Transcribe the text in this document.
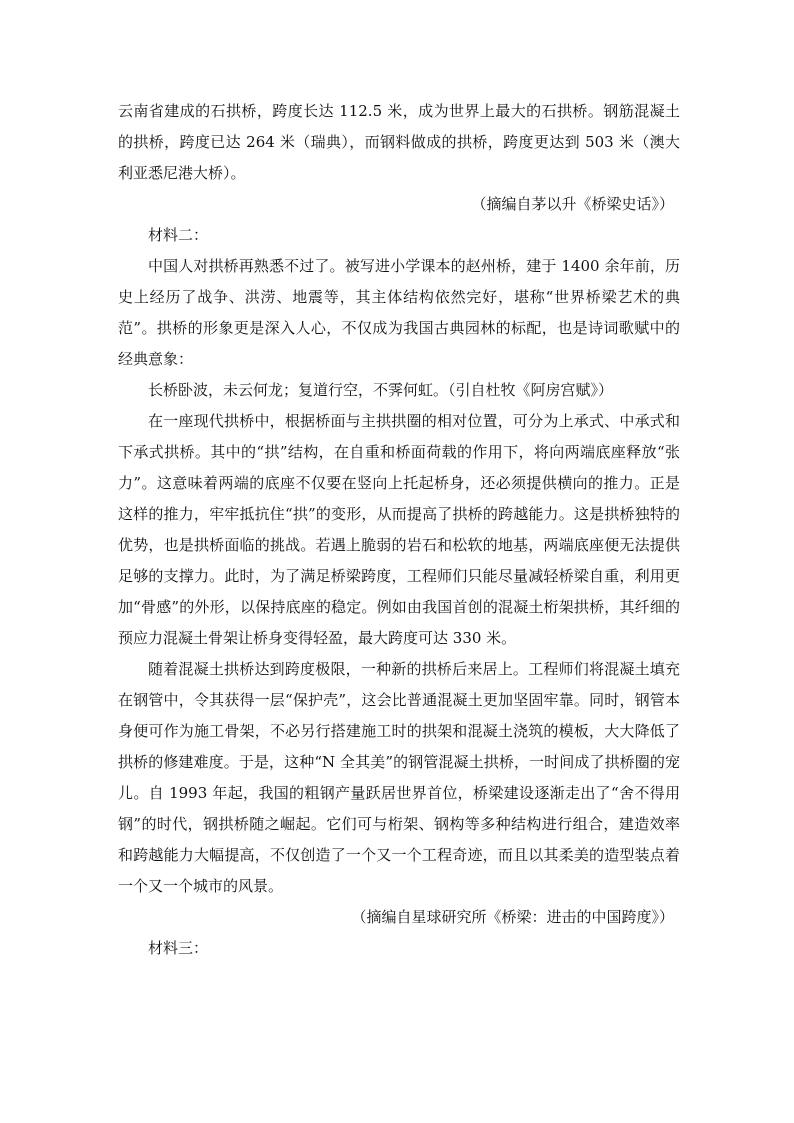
云南省建成的石拱桥，跨度长达 112.5 米，成为世界上最大的石拱桥。钢筋混凝土的拱桥，跨度已达 264 米（瑞典），而钢料做成的拱桥，跨度更达到 503 米（澳大利亚悉尼港大桥）。

（摘编自茅以升《桥梁史话》）

材料二：

中国人对拱桥再熟悉不过了。被写进小学课本的赵州桥，建于 1400 余年前，历史上经历了战争、洪涝、地震等，其主体结构依然完好，堪称“世界桥梁艺术的典范”。拱桥的形象更是深入人心，不仅成为我国古典园林的标配，也是诗词歌赋中的经典意象：

长桥卧波，未云何龙；复道行空，不霁何虹。（引自杜牧《阿房宫赋》）

在一座现代拱桥中，根据桥面与主拱拱圈的相对位置，可分为上承式、中承式和下承式拱桥。其中的“拱”结构，在自重和桥面荷载的作用下，将向两端底座释放“张力”。这意味着两端的底座不仅要在竖向上托起桥身，还必须提供横向的推力。正是这样的推力，牢牢抵抗住“拱”的变形，从而提高了拱桥的跨越能力。这是拱桥独特的优势，也是拱桥面临的挑战。若遇上脆弱的岩石和松软的地基，两端底座便无法提供足够的支撑力。此时，为了满足桥梁跨度，工程师们只能尽量减轻桥梁自重，利用更加“骨感”的外形，以保持底座的稳定。例如由我国首创的混凝土桁架拱桥，其纤细的预应力混凝土骨架让桥身变得轻盈，最大跨度可达 330 米。

随着混凝土拱桥达到跨度极限，一种新的拱桥后来居上。工程师们将混凝土填充在钢管中，令其获得一层“保护壳”，这会比普通混凝土更加坚固牢靠。同时，钢管本身便可作为施工骨架，不必另行搭建施工时的拱架和混凝土浇筑的模板，大大降低了拱桥的修建难度。于是，这种“N 全其美”的钢管混凝土拱桥，一时间成了拱桥圈的宠儿。自 1993 年起，我国的粗钢产量跃居世界首位，桥梁建设逐渐走出了“舍不得用钢”的时代，钢拱桥随之崛起。它们可与桁架、钢构等多种结构进行组合，建造效率和跨越能力大幅提高，不仅创造了一个又一个工程奇迹，而且以其柔美的造型装点着一个又一个城市的风景。

（摘编自星球研究所《桥梁：进击的中国跨度》）

材料三：
